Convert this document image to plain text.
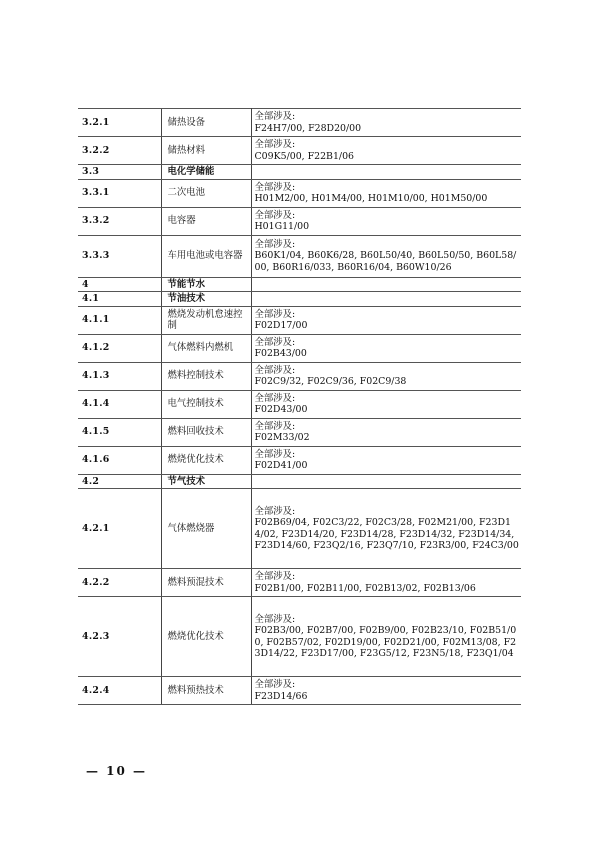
3.2.1	储热设备	全部涉及:
F24H7/00, F28D20/00

3.2.2	储热材料	全部涉及:
C09K5/00, F22B1/06

3.3	电化学储能	

3.3.1	二次电池	全部涉及:
H01M2/00, H01M4/00, H01M10/00, H01M50/00

3.3.2	电容器	全部涉及:
H01G11/00

3.3.3	车用电池或电容器	全部涉及:
B60K1/04, B60K6/28, B60L50/40, B60L50/50, B60L58/00, B60R16/033, B60R16/04, B60W10/26

4	节能节水	

4.1	节油技术	

4.1.1	燃烧发动机怠速控制	全部涉及:
F02D17/00

4.1.2	气体燃料内燃机	全部涉及:
F02B43/00

4.1.3	燃料控制技术	全部涉及:
F02C9/32, F02C9/36, F02C9/38

4.1.4	电气控制技术	全部涉及:
F02D43/00

4.1.5	燃料回收技术	全部涉及:
F02M33/02

4.1.6	燃烧优化技术	全部涉及:
F02D41/00

4.2	节气技术	

4.2.1	气体燃烧器	全部涉及:
F02B69/04, F02C3/22, F02C3/28, F02M21/00, F23D14/02, F23D14/20, F23D14/28, F23D14/32, F23D14/34, F23D14/60, F23Q2/16, F23Q7/10, F23R3/00, F24C3/00

4.2.2	燃料预混技术	全部涉及:
F02B1/00, F02B11/00, F02B13/02, F02B13/06

4.2.3	燃烧优化技术	全部涉及:
F02B3/00, F02B7/00, F02B9/00, F02B23/10, F02B51/00, F02B57/02, F02D19/00, F02D21/00, F02M13/08, F23D14/22, F23D17/00, F23G5/12, F23N5/18, F23Q1/04

4.2.4	燃料预热技术	全部涉及:
F23D14/66
— 10 —
